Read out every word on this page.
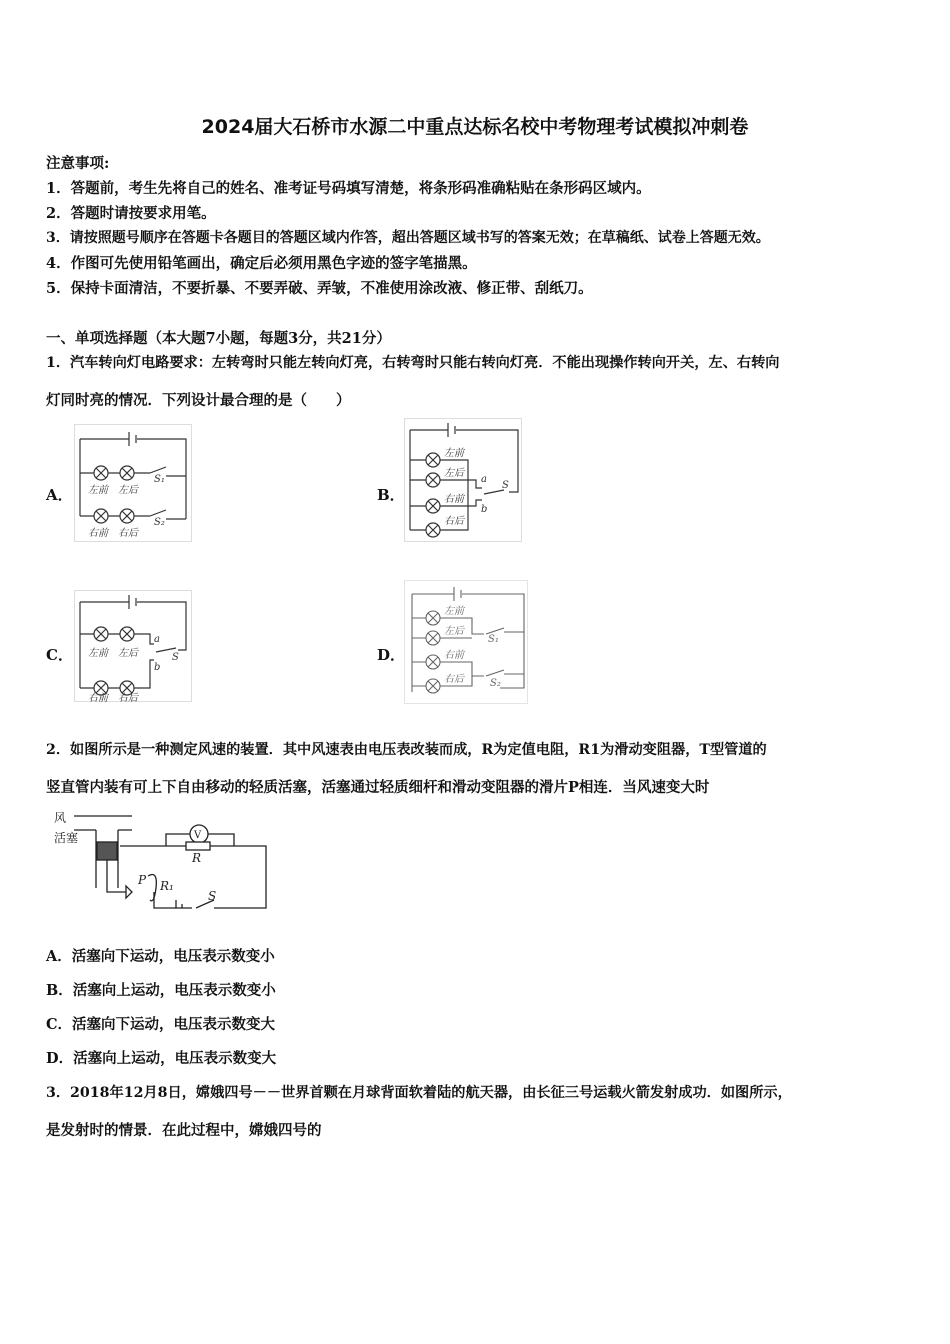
2024届大石桥市水源二中重点达标名校中考物理考试模拟冲刺卷
注意事项:
1．答题前，考生先将自己的姓名、准考证号码填写清楚，将条形码准确粘贴在条形码区域内。
2．答题时请按要求用笔。
3．请按照题号顺序在答题卡各题目的答题区域内作答，超出答题区域书写的答案无效；在草稿纸、试卷上答题无效。
4．作图可先使用铅笔画出，确定后必须用黑色字迹的签字笔描黑。
5．保持卡面清洁，不要折暴、不要弄破、弄皱，不准使用涂改液、修正带、刮纸刀。
一、单项选择题（本大题7小题，每题3分，共21分）
1．汽车转向灯电路要求：左转弯时只能左转向灯亮，右转弯时只能右转向灯亮．不能出现操作转向开关，左、右转向
灯同时亮的情况．下列设计最合理的是（　　）
A．	B．
C．	D．
左前 左后
右前 右后
S₁
S₂
左前
左后
右前
右后
a
b
S
左前 左后
右前 右后
a
b
S
左前
左后
右前
右后
S₁
S₂
2．如图所示是一种测定风速的装置．其中风速表由电压表改装而成，R为定值电阻，R1为滑动变阻器，T型管道的
竖直管内装有可上下自由移动的轻质活塞，活塞通过轻质细杆和滑动变阻器的滑片P相连．当风速变大时
风
活塞	V
R
P R₁
S
A．活塞向下运动，电压表示数变小
B．活塞向上运动，电压表示数变小
C．活塞向下运动，电压表示数变大
D．活塞向上运动，电压表示数变大
3．2018年12月8日，嫦娥四号－－世界首颗在月球背面软着陆的航天器，由长征三号运载火箭发射成功．如图所示，
是发射时的情景．在此过程中，嫦娥四号的
